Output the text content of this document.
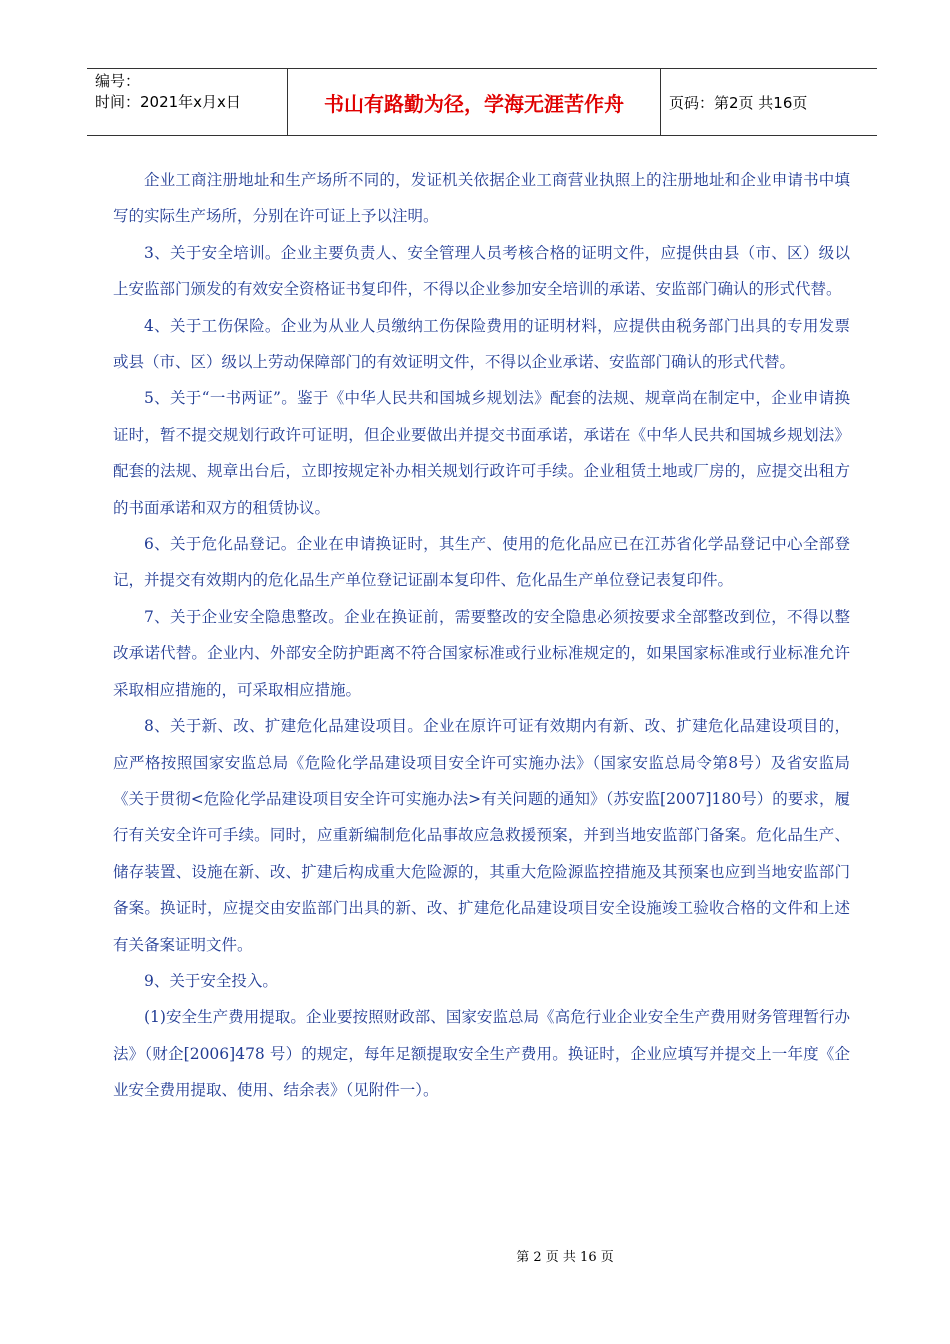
编号：
时间：2021年x月x日	书山有路勤为径，学海无涯苦作舟	页码：第2页 共16页

企业工商注册地址和生产场所不同的，发证机关依据企业工商营业执照上的注册地址和企业申请书中填写的实际生产场所，分别在许可证上予以注明。

3、关于安全培训。企业主要负责人、安全管理人员考核合格的证明文件，应提供由县（市、区）级以上安监部门颁发的有效安全资格证书复印件，不得以企业参加安全培训的承诺、安监部门确认的形式代替。

4、关于工伤保险。企业为从业人员缴纳工伤保险费用的证明材料，应提供由税务部门出具的专用发票或县（市、区）级以上劳动保障部门的有效证明文件，不得以企业承诺、安监部门确认的形式代替。

5、关于“一书两证”。鉴于《中华人民共和国城乡规划法》配套的法规、规章尚在制定中，企业申请换证时，暂不提交规划行政许可证明，但企业要做出并提交书面承诺，承诺在《中华人民共和国城乡规划法》配套的法规、规章出台后，立即按规定补办相关规划行政许可手续。企业租赁土地或厂房的，应提交出租方的书面承诺和双方的租赁协议。

6、关于危化品登记。企业在申请换证时，其生产、使用的危化品应已在江苏省化学品登记中心全部登记，并提交有效期内的危化品生产单位登记证副本复印件、危化品生产单位登记表复印件。

7、关于企业安全隐患整改。企业在换证前，需要整改的安全隐患必须按要求全部整改到位，不得以整改承诺代替。企业内、外部安全防护距离不符合国家标准或行业标准规定的，如果国家标准或行业标准允许采取相应措施的，可采取相应措施。

8、关于新、改、扩建危化品建设项目。企业在原许可证有效期内有新、改、扩建危化品建设项目的，应严格按照国家安监总局《危险化学品建设项目安全许可实施办法》（国家安监总局令第8号）及省安监局《关于贯彻<危险化学品建设项目安全许可实施办法>有关问题的通知》（苏安监[2007]180号）的要求，履行有关安全许可手续。同时，应重新编制危化品事故应急救援预案，并到当地安监部门备案。危化品生产、储存装置、设施在新、改、扩建后构成重大危险源的，其重大危险源监控措施及其预案也应到当地安监部门备案。换证时，应提交由安监部门出具的新、改、扩建危化品建设项目安全设施竣工验收合格的文件和上述有关备案证明文件。

9、关于安全投入。

(1)安全生产费用提取。企业要按照财政部、国家安监总局《高危行业企业安全生产费用财务管理暂行办法》（财企[2006]478 号）的规定，每年足额提取安全生产费用。换证时，企业应填写并提交上一年度《企业安全费用提取、使用、结余表》（见附件一）。

第 2 页 共 16 页
